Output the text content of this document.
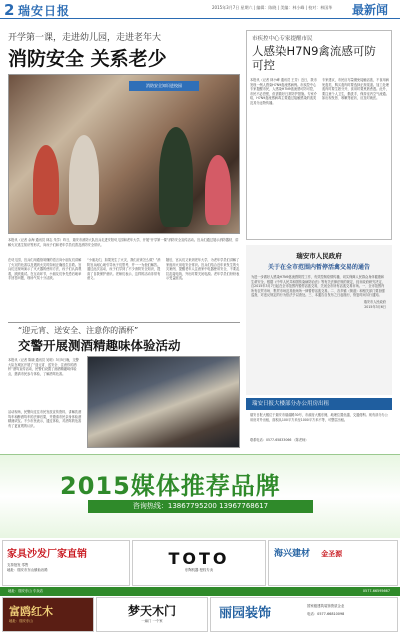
2 瑞安日报	2015年3月7日 星期六 | 编辑：陈晓 | 美编：林小峰 | 校对：林国华 最新闻
开学第一课，走进幼儿园，走进老年大
消防安全 关系老少
消防安全知识进校园
本报讯（记者 余海 通讯员 林志 朱学）昨日，瑞安市消防大队官兵走进安阳幼儿园和老年大学，开展“开学第一课”消防安全宣传活动。官兵们通过展示消防器材、讲解火灾逃生知识等形式，向孩子们和老年学员们普及消防安全常识。
在幼儿园，官兵们用通俗易懂的语言向小朋友们讲解了火灾的危害以及遇到火灾时如何正确逃生自救。官兵们还现场演示了灭火器的使用方法，孩子们认真观看，跃跃欲试。在互动环节，小朋友们争先恐后地举手回答问题，现场气氛十分活跃。
“小朋友们，如果发生了火灾，我们应该怎么做？”消防官兵耐心地引导孩子们思考，并一一为他们解答。通过此次活动，孩子们学到了不少消防安全知识，提高了自我保护意识。老师们表示，这样的活动非常有意义。
随后，官兵们又来到老年大学，为老年学员们讲解了家庭用火用电安全常识。官兵们结合近年来发生的火灾案例，提醒老年人注意家中电器使用安全，不要乱拉乱接电线，外出时要关闭电源。老年学员们纷纷表示受益匪浅。
“迎元宵、送安全、注意你的酒杯”
交警开展测酒精趣味体验活动
本报讯（记者 陈晓 通讯员 吴明）3月5日晚，交警大队在城区开展了“迎元宵、送安全、注意你的酒杯”酒驾宣传活动，民警们设置了测酒精趣味体验点，邀请市民参与体验，了解酒驾危害。
活动现场，民警向过往市民发放宣传资料，讲解饮酒驾车和醉酒驾车的法律后果，并邀请市民亲身体验酒精测试仪。不少市民表示，通过体验，对酒驾的危害有了更直观的认识。
市疾控中心专家提醒市民
人感染H7N9禽流感可防可控
本报讯（记者 林小峰 通讯员 王芳）近日，我市发现一例人感染H7N9禽流感病例。市疾控中心专家提醒市民，人感染H7N9禽流感可防可控，市民不必恐慌，但需做好日常防护措施。专家介绍，H7N9禽流感病毒主要通过接触感染的禽类及其分泌物传播。
专家建议，市民应尽量避免接触活禽，不食用病死禽类，购买禽肉时要选择正规渠道。加工处理禽肉时要生熟分开，食用时要煮熟煮透。此外，要注意个人卫生，勤洗手，保持室内空气流通。如出现发热、咳嗽等症状，应及时就医。
瑞安市人民政府
关于在全市范围内暂停活禽交易的通告
为进一步做好人感染H7N9禽流感防控工作，有效控制疫情传播，切实保障人民群众身体健康和生命安全，根据《中华人民共和国传染病防治法》等有关法律法规的规定，经市政府研究决定，自2015年3月7日起在全市范围内暂停活禽交易，关闭全市所有活禽交易市场。一、全市范围内所有农贸市场、集贸市场及其他场所一律暂停活禽交易。二、各乡镇（街道）和相关部门要加强巡查，对违反规定的行为依法予以查处。三、本通告自发布之日起施行，恢复时间另行通知。
瑞安市人民政府
2015年3月6日
瑞安日报大楼部分办公用房出租
瑞安日报大楼位于瑞安市瑞湖路30号，市政府大楼东侧，地理位置优越，交通便利。现有部分办公用房对外出租，面积从100平方米至1000平方米不等，可整层出租。
联系电话：0577-65833066 （陈老师）
2015媒体推荐品牌
咨询热线：13867795200 13967768617
家具沙发厂家直销
支持批发 零售
地址：瑞安市东山镇仙岩路
TOTO
东陶机器 授权专卖
海兴建材 金圣源
地址：瑞安东山 专卖店	0577-66595667
富鸥红木
地址：瑞安东山
梦天木门
一扇门 一个家	丽园装饰	国家级建筑装饰资质企业
电话：0577-66810098
